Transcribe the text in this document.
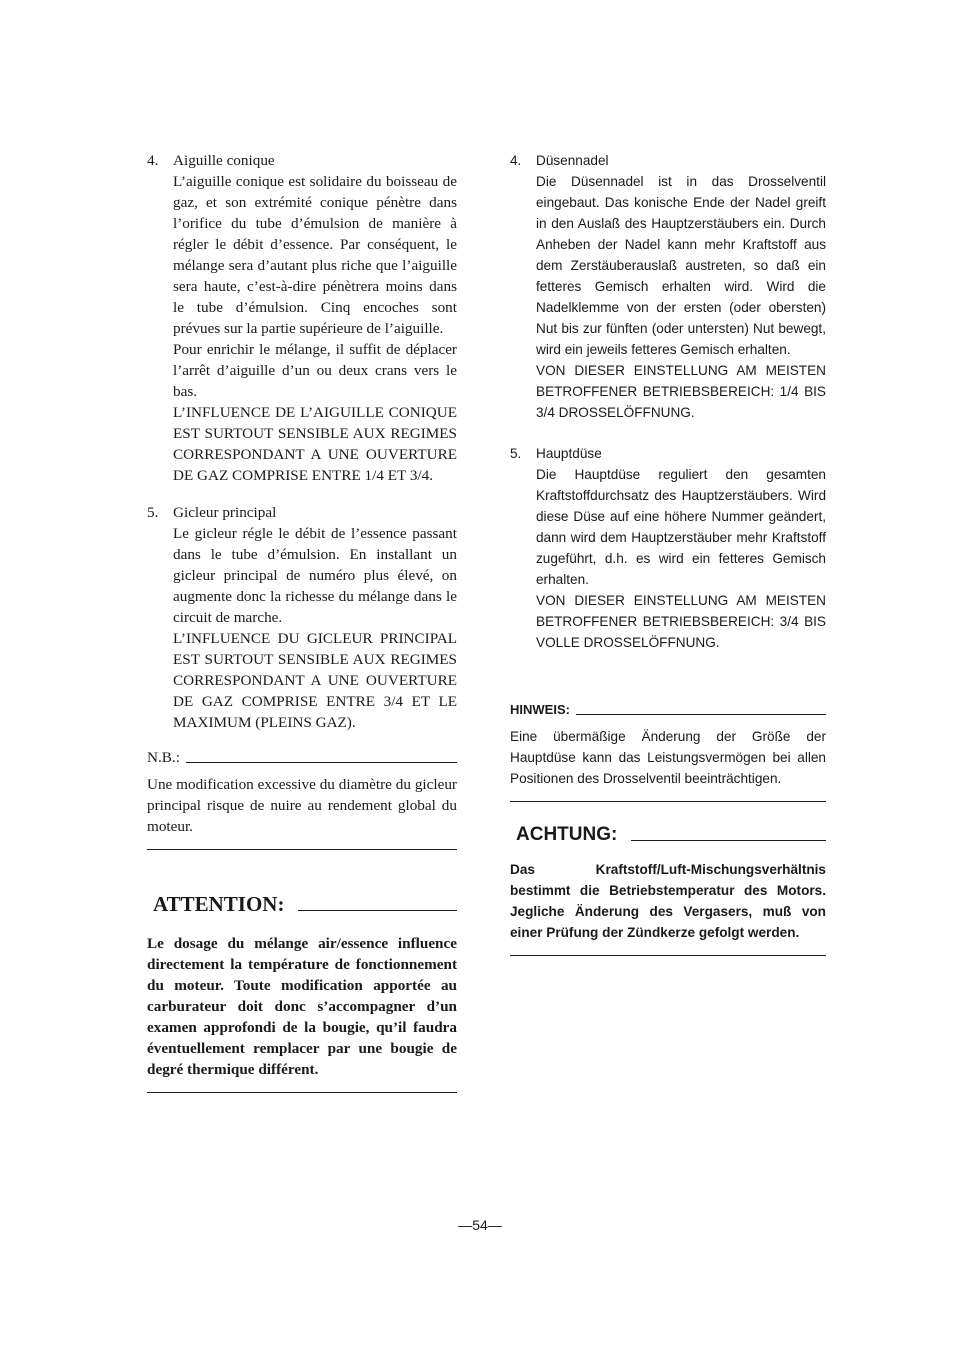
4. Aiguille conique

L’aiguille conique est solidaire du boisseau de gaz, et son extrémité conique pénètre dans l’orifice du tube d’émulsion de manière à régler le débit d’essence. Par conséquent, le mélange sera d’autant plus riche que l’aiguille sera haute, c’est-à-dire pénètrera moins dans le tube d’émulsion. Cinq encoches sont prévues sur la partie supérieure de l’aiguille.

Pour enrichir le mélange, il suffit de déplacer l’arrêt d’aiguille d’un ou deux crans vers le bas.

L’INFLUENCE DE L’AIGUILLE CONIQUE EST SURTOUT SENSIBLE AUX REGIMES CORRESPONDANT A UNE OUVERTURE DE GAZ COMPRISE ENTRE 1/4 ET 3/4.

5. Gicleur principal

Le gicleur régle le débit de l’essence passant dans le tube d’émulsion. En installant un gicleur principal de numéro plus élevé, on augmente donc la richesse du mélange dans le circuit de marche.

L’INFLUENCE DU GICLEUR PRINCIPAL EST SURTOUT SENSIBLE AUX REGIMES CORRESPONDANT A UNE OUVERTURE DE GAZ COMPRISE ENTRE 3/4 ET LE MAXIMUM (PLEINS GAZ).

N.B.:

Une modification excessive du diamètre du gicleur principal risque de nuire au rendement global du moteur.

ATTENTION:

Le dosage du mélange air/essence influence directement la température de fonctionnement du moteur. Toute modification apportée au carburateur doit donc s’accompagner d’un examen approfondi de la bougie, qu’il faudra éventuellement remplacer par une bougie de degré thermique différent.

4. Düsennadel

Die Düsennadel ist in das Drosselventil eingebaut. Das konische Ende der Nadel greift in den Auslaß des Hauptzerstäubers ein. Durch Anheben der Nadel kann mehr Kraftstoff aus dem Zerstäuberauslaß austreten, so daß ein fetteres Gemisch erhalten wird. Wird die Nadelklemme von der ersten (oder obersten) Nut bis zur fünften (oder untersten) Nut bewegt, wird ein jeweils fetteres Gemisch erhalten.

VON DIESER EINSTELLUNG AM MEISTEN BETROFFENER BETRIEBSBEREICH: 1/4 BIS 3/4 DROSSELÖFFNUNG.

5. Hauptdüse

Die Hauptdüse reguliert den gesamten Kraftstoffdurchsatz des Hauptzerstäubers. Wird diese Düse auf eine höhere Nummer geändert, dann wird dem Hauptzerstäuber mehr Kraftstoff zugeführt, d.h. es wird ein fetteres Gemisch erhalten.

VON DIESER EINSTELLUNG AM MEISTEN BETROFFENER BETRIEBSBEREICH: 3/4 BIS VOLLE DROSSELÖFFNUNG.

HINWEIS:

Eine übermäßige Änderung der Größe der Hauptdüse kann das Leistungsvermögen bei allen Positionen des Drosselventil beeinträchtigen.

ACHTUNG:

Das Kraftstoff/Luft-Mischungsverhältnis bestimmt die Betriebstemperatur des Motors. Jegliche Änderung des Vergasers, muß von einer Prüfung der Zündkerze gefolgt werden.

—54—
